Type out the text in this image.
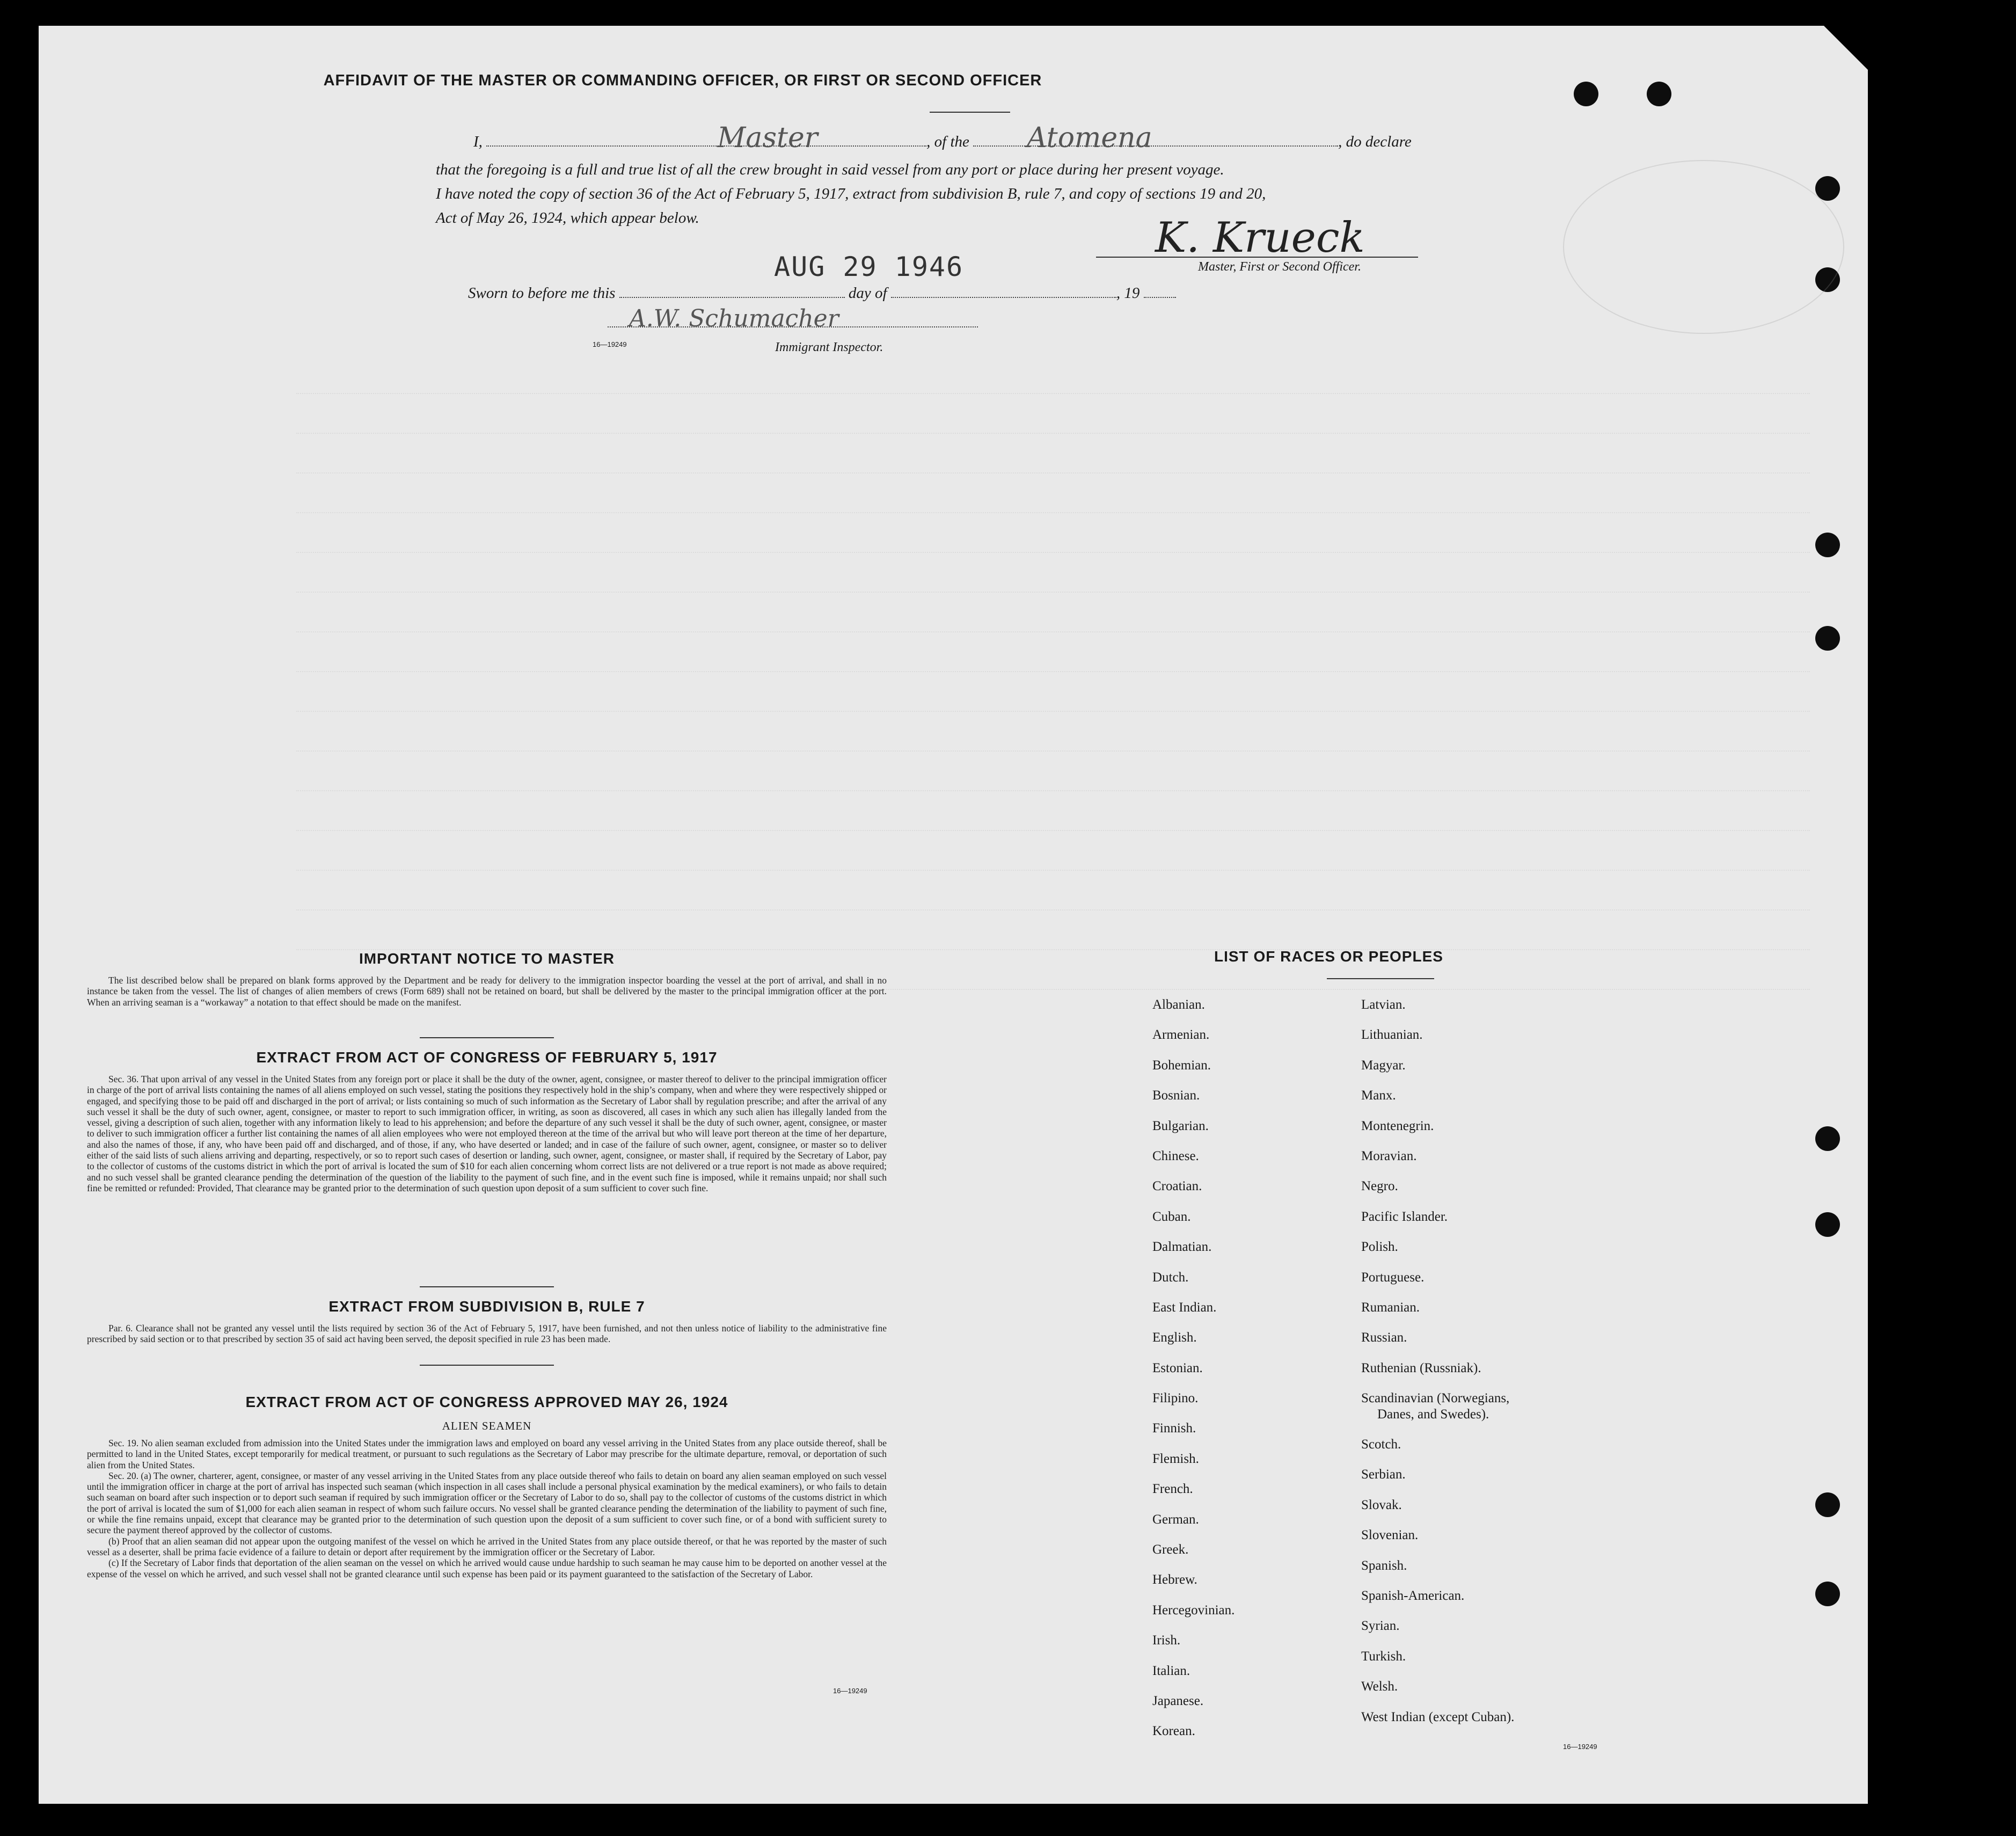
AFFIDAVIT OF THE MASTER OR COMMANDING OFFICER, OR FIRST OR SECOND OFFICER
I,	Master	, of the Atomena	, do declare
that the foregoing is a full and true list of all the crew brought in said vessel from any port or place during her present voyage.
I have noted the copy of section 36 of the Act of February 5, 1917, extract from subdivision B, rule 7, and copy of sections 19 and 20,
Act of May 26, 1924, which appear below.	K. Krueck
Master, First or Second Officer.
Sworn to before me this	day of	, 19
AUG 29 1946
A.W. Schumacher
16—19249	Immigrant Inspector.
IMPORTANT NOTICE TO MASTER

The list described below shall be prepared on blank forms approved by the Department and be ready for delivery to the immigration inspector boarding the vessel at the port of arrival, and shall in no instance be taken from the vessel. The list of changes of alien members of crews (Form 689) shall not be retained on board, but shall be delivered by the master to the principal immigration officer at the port. When an arriving seaman is a “workaway” a notation to that effect should be made on the manifest.

EXTRACT FROM ACT OF CONGRESS OF FEBRUARY 5, 1917

Sec. 36. That upon arrival of any vessel in the United States from any foreign port or place it shall be the duty of the owner, agent, consignee, or master thereof to deliver to the principal immigration officer in charge of the port of arrival lists containing the names of all aliens employed on such vessel, stating the positions they respectively hold in the ship’s company, when and where they were respectively shipped or engaged, and specifying those to be paid off and discharged in the port of arrival; or lists containing so much of such information as the Secretary of Labor shall by regulation prescribe; and after the arrival of any such vessel it shall be the duty of such owner, agent, consignee, or master to report to such immigration officer, in writing, as soon as discovered, all cases in which any such alien has illegally landed from the vessel, giving a description of such alien, together with any information likely to lead to his apprehension; and before the departure of any such vessel it shall be the duty of such owner, agent, consignee, or master to deliver to such immigration officer a further list containing the names of all alien employees who were not employed thereon at the time of the arrival but who will leave port thereon at the time of her departure, and also the names of those, if any, who have been paid off and discharged, and of those, if any, who have deserted or landed; and in case of the failure of such owner, agent, consignee, or master so to deliver either of the said lists of such aliens arriving and departing, respectively, or so to report such cases of desertion or landing, such owner, agent, consignee, or master shall, if required by the Secretary of Labor, pay to the collector of customs of the customs district in which the port of arrival is located the sum of $10 for each alien concerning whom correct lists are not delivered or a true report is not made as above required; and no such vessel shall be granted clearance pending the determination of the question of the liability to the payment of such fine, and in the event such fine is imposed, while it remains unpaid; nor shall such fine be remitted or refunded: Provided, That clearance may be granted prior to the determination of such question upon deposit of a sum sufficient to cover such fine.

EXTRACT FROM SUBDIVISION B, RULE 7

Par. 6. Clearance shall not be granted any vessel until the lists required by section 36 of the Act of February 5, 1917, have been furnished, and not then unless notice of liability to the administrative fine prescribed by said section or to that prescribed by section 35 of said act having been served, the deposit specified in rule 23 has been made.

EXTRACT FROM ACT OF CONGRESS APPROVED MAY 26, 1924
ALIEN SEAMEN

Sec. 19. No alien seaman excluded from admission into the United States under the immigration laws and employed on board any vessel arriving in the United States from any place outside thereof, shall be permitted to land in the United States, except temporarily for medical treatment, or pursuant to such regulations as the Secretary of Labor may prescribe for the ultimate departure, removal, or deportation of such alien from the United States.

Sec. 20. (a) The owner, charterer, agent, consignee, or master of any vessel arriving in the United States from any place outside thereof who fails to detain on board any alien seaman employed on such vessel until the immigration officer in charge at the port of arrival has inspected such seaman (which inspection in all cases shall include a personal physical examination by the medical examiners), or who fails to detain such seaman on board after such inspection or to deport such seaman if required by such immigration officer or the Secretary of Labor to do so, shall pay to the collector of customs of the customs district in which the port of arrival is located the sum of $1,000 for each alien seaman in respect of whom such failure occurs. No vessel shall be granted clearance pending the determination of the liability to payment of such fine, or while the fine remains unpaid, except that clearance may be granted prior to the determination of such question upon the deposit of a sum sufficient to cover such fine, or of a bond with sufficient surety to secure the payment thereof approved by the collector of customs.

(b) Proof that an alien seaman did not appear upon the outgoing manifest of the vessel on which he arrived in the United States from any place outside thereof, or that he was reported by the master of such vessel as a deserter, shall be prima facie evidence of a failure to detain or deport after requirement by the immigration officer or the Secretary of Labor.

(c) If the Secretary of Labor finds that deportation of the alien seaman on the vessel on which he arrived would cause undue hardship to such seaman he may cause him to be deported on another vessel at the expense of the vessel on which he arrived, and such vessel shall not be granted clearance until such expense has been paid or its payment guaranteed to the satisfaction of the Secretary of Labor.

16—19249
LIST OF RACES OR PEOPLES
Albanian.
Armenian.
Bohemian.
Bosnian.
Bulgarian.
Chinese.
Croatian.
Cuban.
Dalmatian.
Dutch.
East Indian.
English.
Estonian.
Filipino.
Finnish.
Flemish.
French.
German.
Greek.
Hebrew.
Hercegovinian.
Irish.
Italian.
Japanese.
Korean.
Latvian.
Lithuanian.
Magyar.
Manx.
Montenegrin.
Moravian.
Negro.
Pacific Islander.
Polish.
Portuguese.
Rumanian.
Russian.
Ruthenian (Russniak).
Scandinavian (Norwegians,
Danes, and Swedes).
Scotch.
Serbian.
Slovak.
Slovenian.
Spanish.
Spanish-American.
Syrian.
Turkish.
Welsh.
West Indian (except Cuban).
16—19249
